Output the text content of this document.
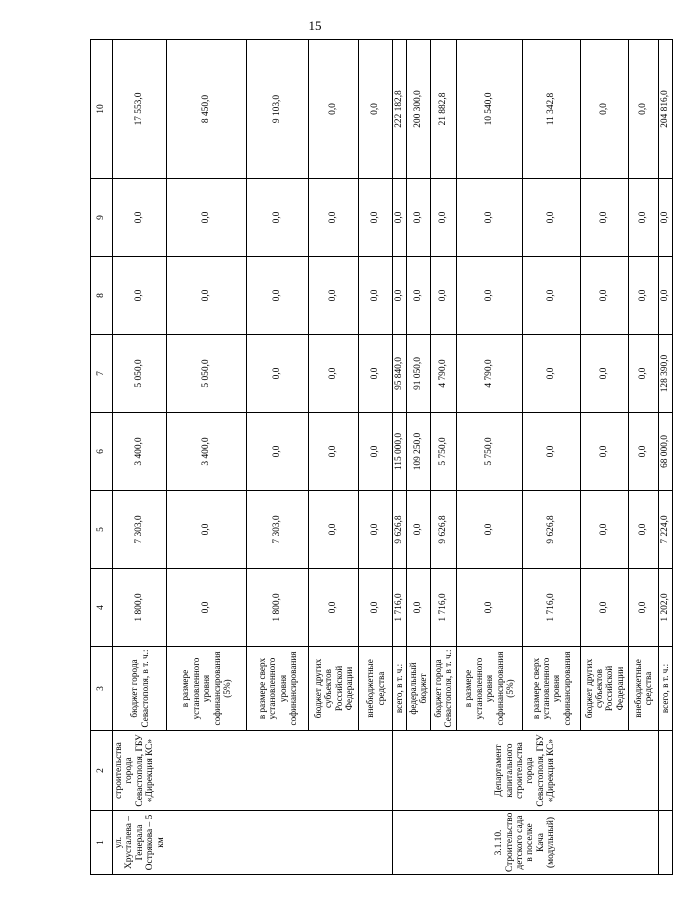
15
1	2	3	4	5	6	7	8	9	10
ул. Хрусталева – Генерала Острякова – 5 км	строительства города Севастополя, ГБУ «Дирекция КС»	бюджет города Севастополя, в т. ч.:	1 800,0	7 303,0	3 400,0	5 050,0	0,0	0,0	17 553,0
		в размере установленного уровня софинансирования (5%)	0,0	0,0	3 400,0	5 050,0	0,0	0,0	8 450,0
		в размере сверх установленного уровня софинансирования	1 800,0	7 303,0	0,0	0,0	0,0	0,0	9 103,0
		бюджет других субъектов Российской Федерации	0,0	0,0	0,0	0,0	0,0	0,0	0,0
		внебюджетные средства	0,0	0,0	0,0	0,0	0,0	0,0	0,0
3.1.10. Строительство детского сада в поселке Кача (модульный)	Департамент капитального строительства города Севастополя, ГБУ «Дирекция КС»	всего, в т. ч.:	1 716,0	9 626,8	115 000,0	95 840,0	0,0	0,0	222 182,8
		федеральный бюджет	0,0	0,0	109 250,0	91 050,0	0,0	0,0	200 300,0
		бюджет города Севастополя, в т. ч.:	1 716,0	9 626,8	5 750,0	4 790,0	0,0	0,0	21 882,8
		в размере установленного уровня софинансирования (5%)	0,0	0,0	5 750,0	4 790,0	0,0	0,0	10 540,0
		в размере сверх установленного уровня софинансирования	1 716,0	9 626,8	0,0	0,0	0,0	0,0	11 342,8
		бюджет других субъектов Российской Федерации	0,0	0,0	0,0	0,0	0,0	0,0	0,0
		внебюджетные средства	0,0	0,0	0,0	0,0	0,0	0,0	0,0
		всего, в т. ч.:	1 202,0	7 224,0	68 000,0	128 390,0	0,0	0,0	204 816,0
